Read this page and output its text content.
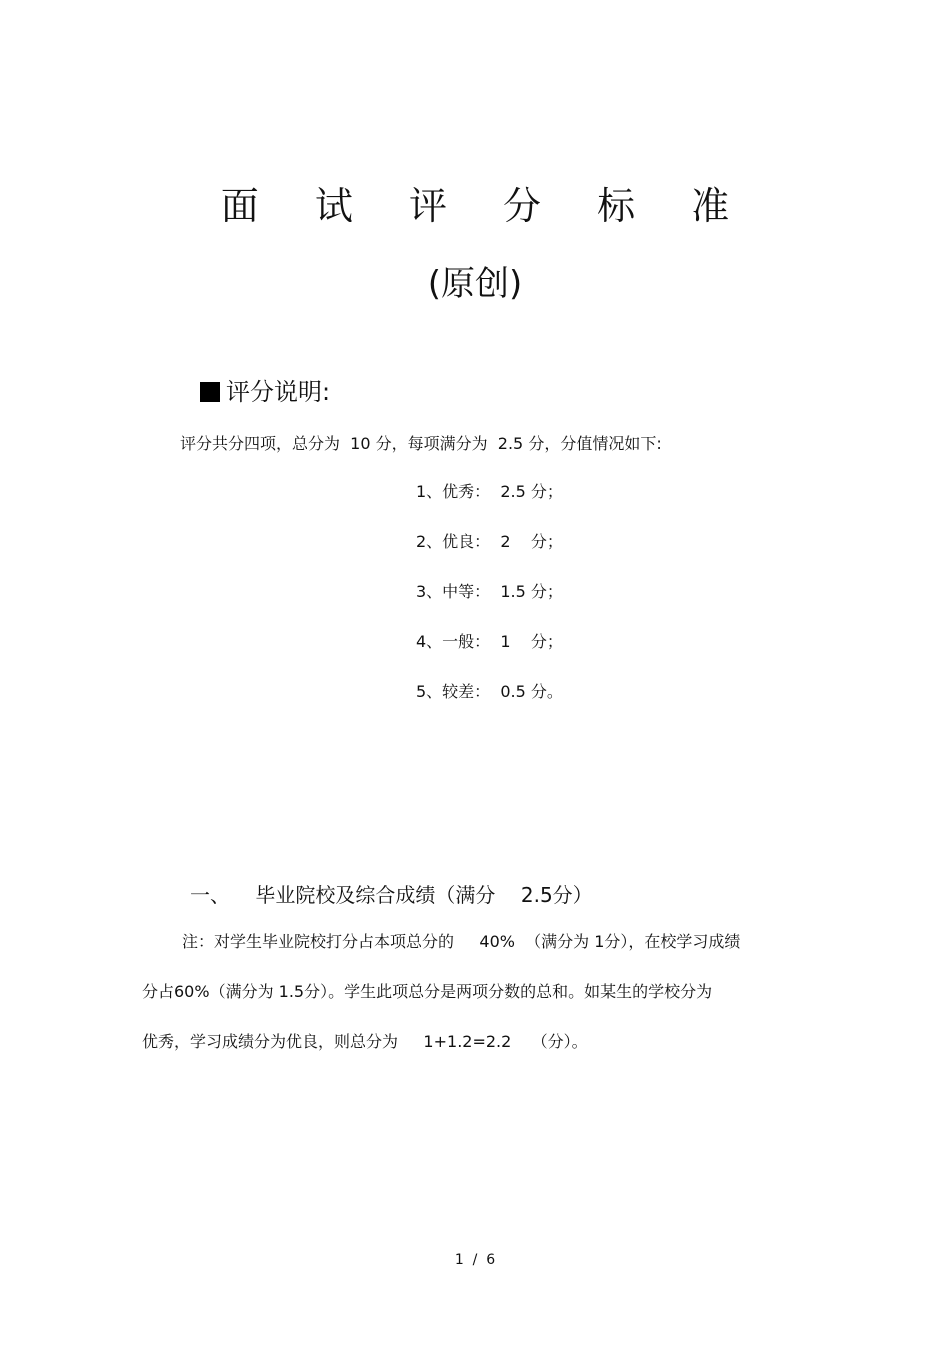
面 试 评 分 标 准
(原创)
评分说明:
评分共分四项，总分为  10 分，每项满分为  2.5 分，分值情况如下:
1、优秀：  2.5 分；
2、优良：  2    分；
3、中等：  1.5 分；
4、一般：  1    分；
5、较差：  0.5 分。
一、    毕业院校及综合成绩（满分    2.5分）
注：对学生毕业院校打分占本项总分的     40%  （满分为 1分），在校学习成绩
分占60%（满分为 1.5分）。学生此项总分是两项分数的总和。如某生的学校分为
优秀，学习成绩分为优良，则总分为     1+1.2=2.2    （分）。
1  /  6
